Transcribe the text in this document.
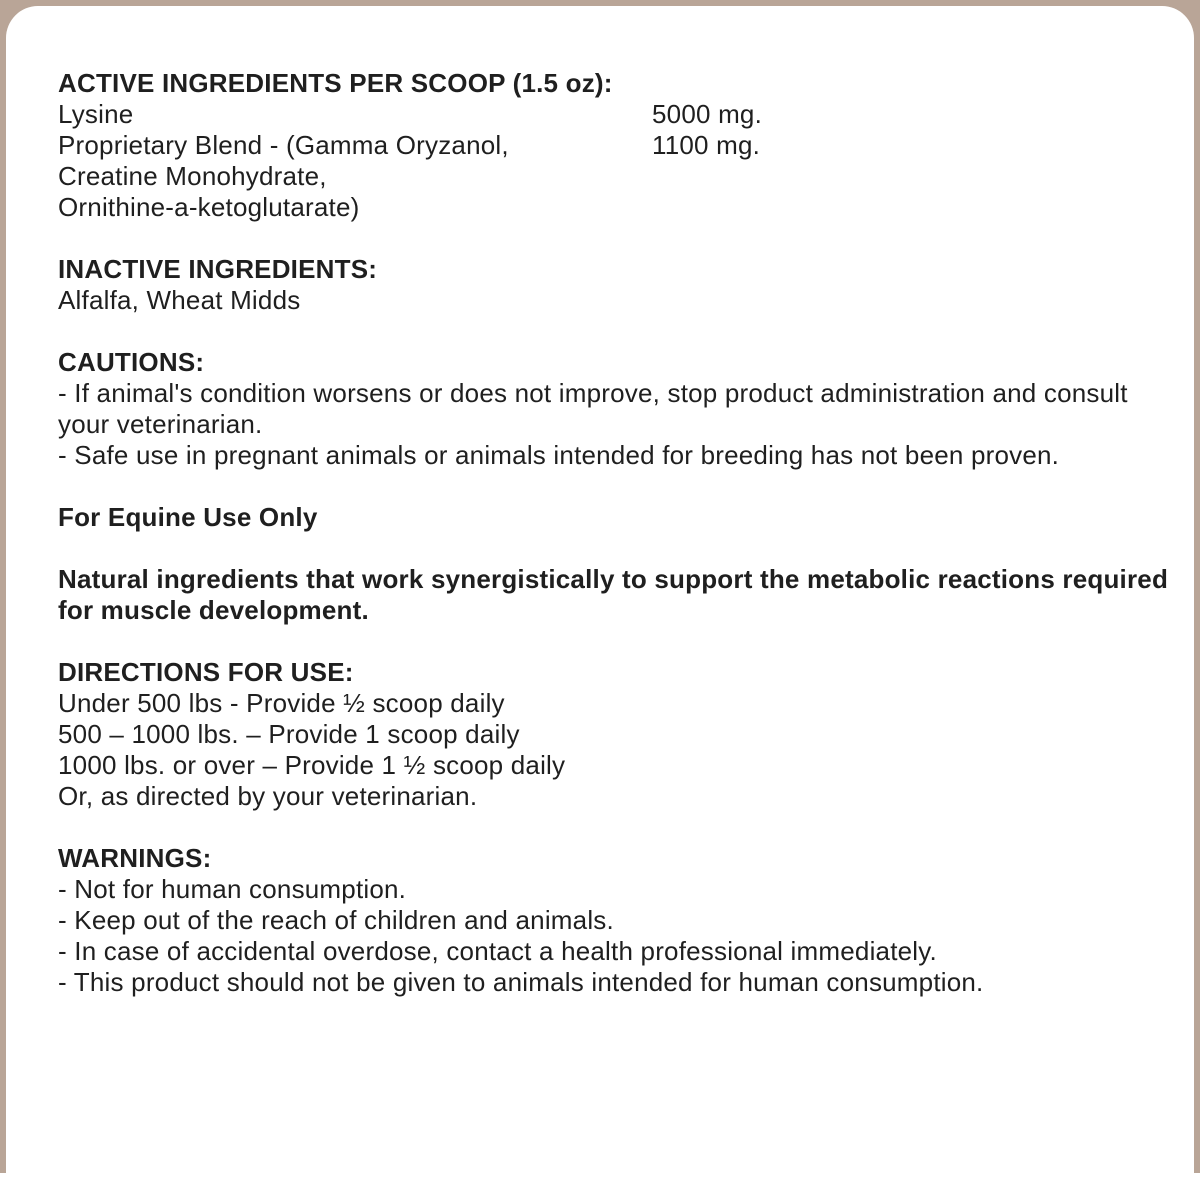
ACTIVE INGREDIENTS PER SCOOP (1.5 oz):
Lysine	5000 mg.
Proprietary Blend - (Gamma Oryzanol,	1100 mg.
Creatine Monohydrate,
Ornithine-a-ketoglutarate)
INACTIVE INGREDIENTS:
Alfalfa, Wheat Midds
CAUTIONS:
- If animal's condition worsens or does not improve, stop product administration and consult
your veterinarian.
- Safe use in pregnant animals or animals intended for breeding has not been proven.
For Equine Use Only
Natural ingredients that work synergistically to support the metabolic reactions required
for muscle development.
DIRECTIONS FOR USE:
Under 500 lbs - Provide ½ scoop daily
500 – 1000 lbs. – Provide 1 scoop daily
1000 lbs. or over – Provide 1 ½ scoop daily
Or, as directed by your veterinarian.
WARNINGS:
- Not for human consumption.
- Keep out of the reach of children and animals.
- In case of accidental overdose, contact a health professional immediately.
- This product should not be given to animals intended for human consumption.
